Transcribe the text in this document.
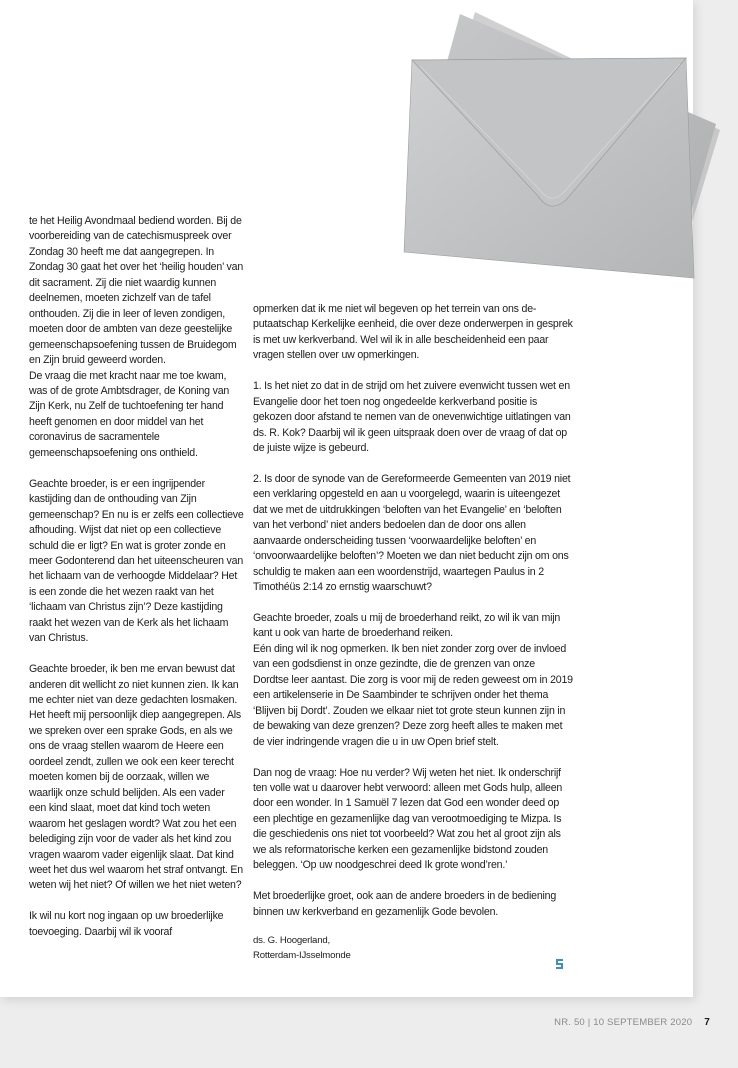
te het Heilig Avondmaal bediend worden. Bij de voorbereiding van de catechismuspreek over Zondag 30 heeft me dat aangegrepen. In Zondag 30 gaat het over het ‘heilig houden’ van dit sacrament. Zij die niet waardig kunnen deelnemen, moeten zichzelf van de tafel onthouden. Zij die in leer of leven zondigen, moeten door de ambten van deze geestelijke gemeenschapsoefening tussen de Bruidegom en Zijn bruid geweerd worden.

De vraag die met kracht naar me toe kwam, was of de grote Ambtsdrager, de Koning van Zijn Kerk, nu Zelf de tuchtoefening ter hand heeft genomen en door middel van het coronavirus de sacramentele gemeenschapsoefening ons onthield.

Geachte broeder, is er een ingrijpender kastijding dan de onthouding van Zijn gemeenschap? En nu is er zelfs een collectieve afhouding. Wijst dat niet op een collectieve schuld die er ligt? En wat is groter zonde en meer Godonterend dan het uiteenscheuren van het lichaam van de verhoogde Middelaar? Het is een zonde die het wezen raakt van het ‘lichaam van Christus zijn’? Deze kastijding raakt het wezen van de Kerk als het lichaam van Christus.

Geachte broeder, ik ben me ervan bewust dat anderen dit wellicht zo niet kunnen zien. Ik kan me echter niet van deze gedachten losmaken. Het heeft mij persoonlijk diep aangegrepen. Als we spreken over een sprake Gods, en als we ons de vraag stellen waarom de Heere een oordeel zendt, zullen we ook een keer terecht moeten komen bij de oorzaak, willen we waarlijk onze schuld belijden. Als een vader een kind slaat, moet dat kind toch weten waarom het geslagen wordt? Wat zou het een belediging zijn voor de vader als het kind zou vragen waarom vader eigenlijk slaat. Dat kind weet het dus wel waarom het straf ontvangt. En weten wij het niet? Of willen we het niet weten?

Ik wil nu kort nog ingaan op uw broederlijke toevoeging. Daarbij wil ik vooraf

opmerken dat ik me niet wil begeven op het terrein van ons deputaatschap Kerkelijke eenheid, die over deze onderwerpen in gesprek is met uw kerkverband. Wel wil ik in alle bescheidenheid een paar vragen stellen over uw opmerkingen.

1. Is het niet zo dat in de strijd om het zuivere evenwicht tussen wet en Evangelie door het toen nog ongedeelde kerkverband positie is gekozen door afstand te nemen van de onevenwichtige uitlatingen van ds. R. Kok? Daarbij wil ik geen uitspraak doen over de vraag of dat op de juiste wijze is gebeurd.

2. Is door de synode van de Gereformeerde Gemeenten van 2019 niet een verklaring opgesteld en aan u voorgelegd, waarin is uiteengezet dat we met de uitdrukkingen ‘beloften van het Evangelie’ en ‘beloften van het verbond’ niet anders bedoelen dan de door ons allen aanvaarde onderscheiding tussen ‘voorwaardelijke beloften’ en ‘onvoorwaardelijke beloften’? Moeten we dan niet beducht zijn om ons schuldig te maken aan een woordenstrijd, waartegen Paulus in 2 Timothéüs 2:14 zo ernstig waarschuwt?

Geachte broeder, zoals u mij de broederhand reikt, zo wil ik van mijn kant u ook van harte de broederhand reiken.

Eén ding wil ik nog opmerken. Ik ben niet zonder zorg over de invloed van een godsdienst in onze gezindte, die de grenzen van onze Dordtse leer aantast. Die zorg is voor mij de reden geweest om in 2019 een artikelenserie in De Saambinder te schrijven onder het thema ‘Blijven bij Dordt’. Zouden we elkaar niet tot grote steun kunnen zijn in de bewaking van deze grenzen? Deze zorg heeft alles te maken met de vier indringende vragen die u in uw Open brief stelt.

Dan nog de vraag: Hoe nu verder? Wij weten het niet. Ik onderschrijf ten volle wat u daarover hebt verwoord: alleen met Gods hulp, alleen door een wonder. In 1 Samuël 7 lezen dat God een wonder deed op een plechtige en gezamenlijke dag van verootmoediging te Mizpa. Is die geschiedenis ons niet tot voorbeeld? Wat zou het al groot zijn als we als reformatorische kerken een gezamenlijke bidstond zouden beleggen. ‘Op uw noodgeschrei deed Ik grote wond’ren.’

Met broederlijke groet, ook aan de andere broeders in de bediening binnen uw kerkverband en gezamenlijk Gode bevolen.

ds. G. Hoogerland,
Rotterdam-IJsselmonde
NR. 50 | 10 SEPTEMBER 2020 7
